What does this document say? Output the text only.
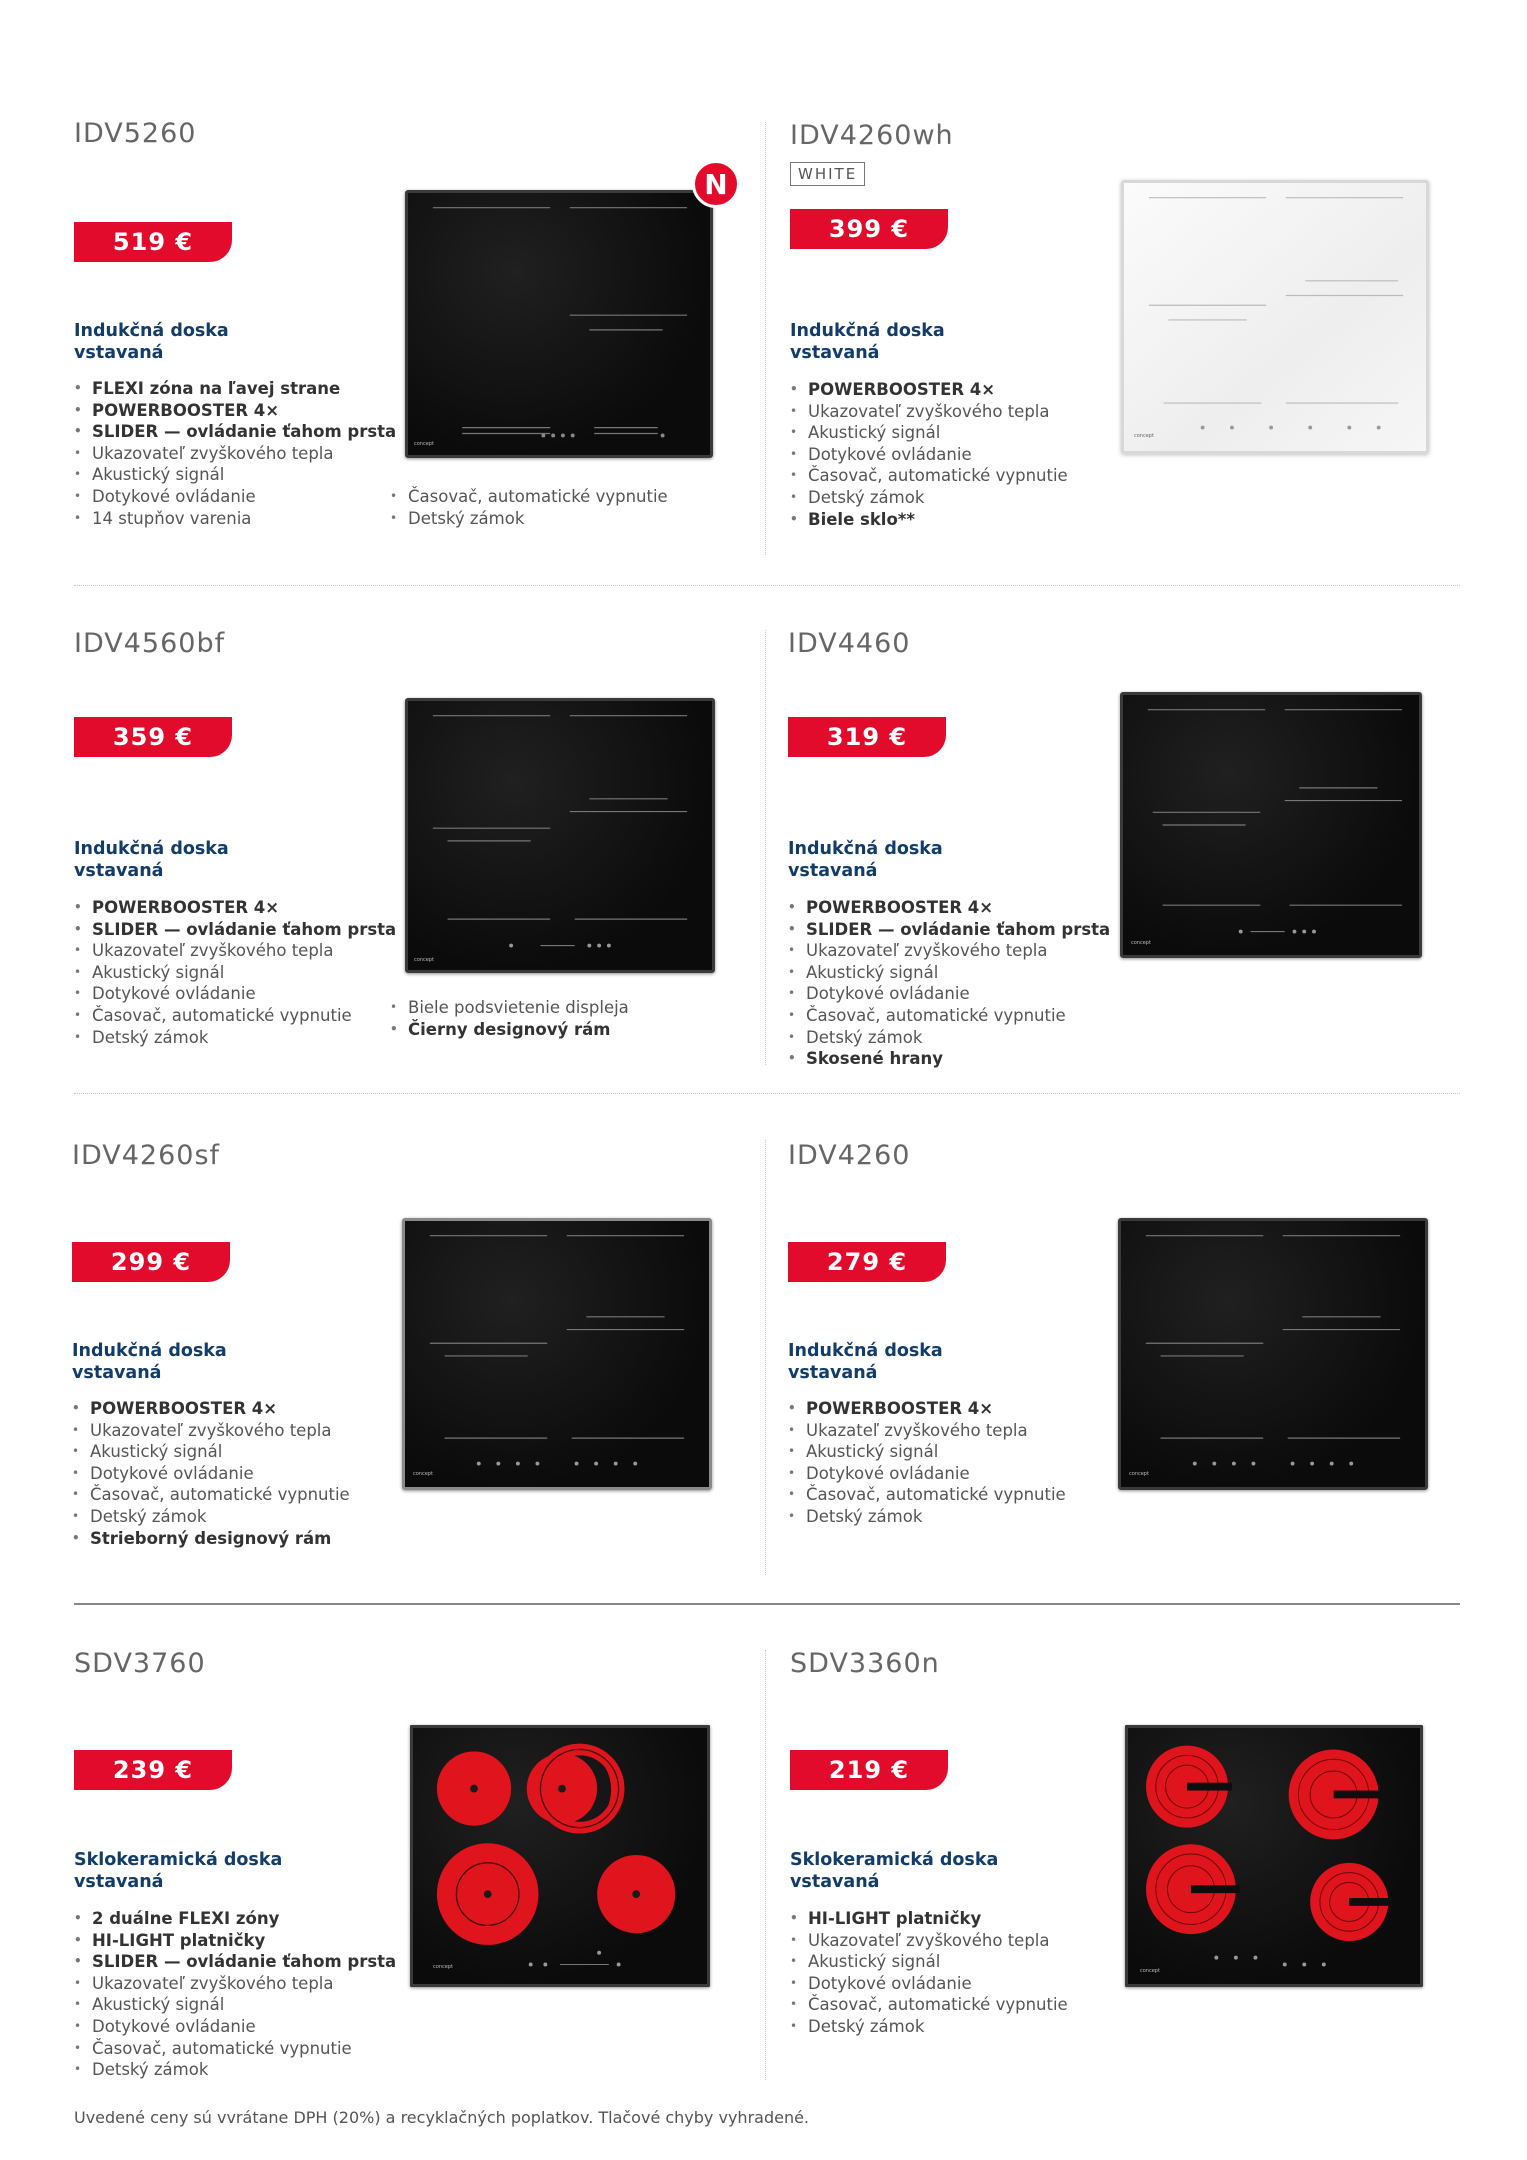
IDV5260
519 €
Indukčná doska
vstavaná
• FLEXI zóna na ľavej strane
• POWERBOOSTER 4×
• SLIDER — ovládanie ťahom prsta
• Ukazovateľ zvyškového tepla
• Akustický signál
• Dotykové ovládanie
• 14 stupňov varenia
• Časovač, automatické vypnutie
• Detský zámok
concept
N
IDV4260wh
WHITE
399 €
Indukčná doska
vstavaná
• POWERBOOSTER 4×
• Ukazovateľ zvyškového tepla
• Akustický signál
• Dotykové ovládanie
• Časovač, automatické vypnutie
• Detský zámok
• Biele sklo**
concept
IDV4560bf
359 €
Indukčná doska
vstavaná
• POWERBOOSTER 4×
• SLIDER — ovládanie ťahom prsta
• Ukazovateľ zvyškového tepla
• Akustický signál
• Dotykové ovládanie
• Časovač, automatické vypnutie
• Detský zámok
• Biele podsvietenie displeja
• Čierny designový rám
concept
IDV4460
319 €
Indukčná doska
vstavaná
• POWERBOOSTER 4×
• SLIDER — ovládanie ťahom prsta
• Ukazovateľ zvyškového tepla
• Akustický signál
• Dotykové ovládanie
• Časovač, automatické vypnutie
• Detský zámok
• Skosené hrany
concept
IDV4260sf
299 €
Indukčná doska
vstavaná
• POWERBOOSTER 4×
• Ukazovateľ zvyškového tepla
• Akustický signál
• Dotykové ovládanie
• Časovač, automatické vypnutie
• Detský zámok
• Strieborný designový rám
concept
IDV4260
279 €
Indukčná doska
vstavaná
• POWERBOOSTER 4×
• Ukazateľ zvyškového tepla
• Akustický signál
• Dotykové ovládanie
• Časovač, automatické vypnutie
• Detský zámok
concept
SDV3760
239 €
Sklokeramická doska
vstavaná
• 2 duálne FLEXI zóny
• HI-LIGHT platničky
• SLIDER — ovládanie ťahom prsta
• Ukazovateľ zvyškového tepla
• Akustický signál
• Dotykové ovládanie
• Časovač, automatické vypnutie
• Detský zámok
concept
SDV3360n
219 €
Sklokeramická doska
vstavaná
• HI-LIGHT platničky
• Ukazovateľ zvyškového tepla
• Akustický signál
• Dotykové ovládanie
• Časovač, automatické vypnutie
• Detský zámok
concept

Uvedené ceny sú vvrátane DPH (20%) a recyklačných poplatkov. Tlačové chyby vyhradené.
